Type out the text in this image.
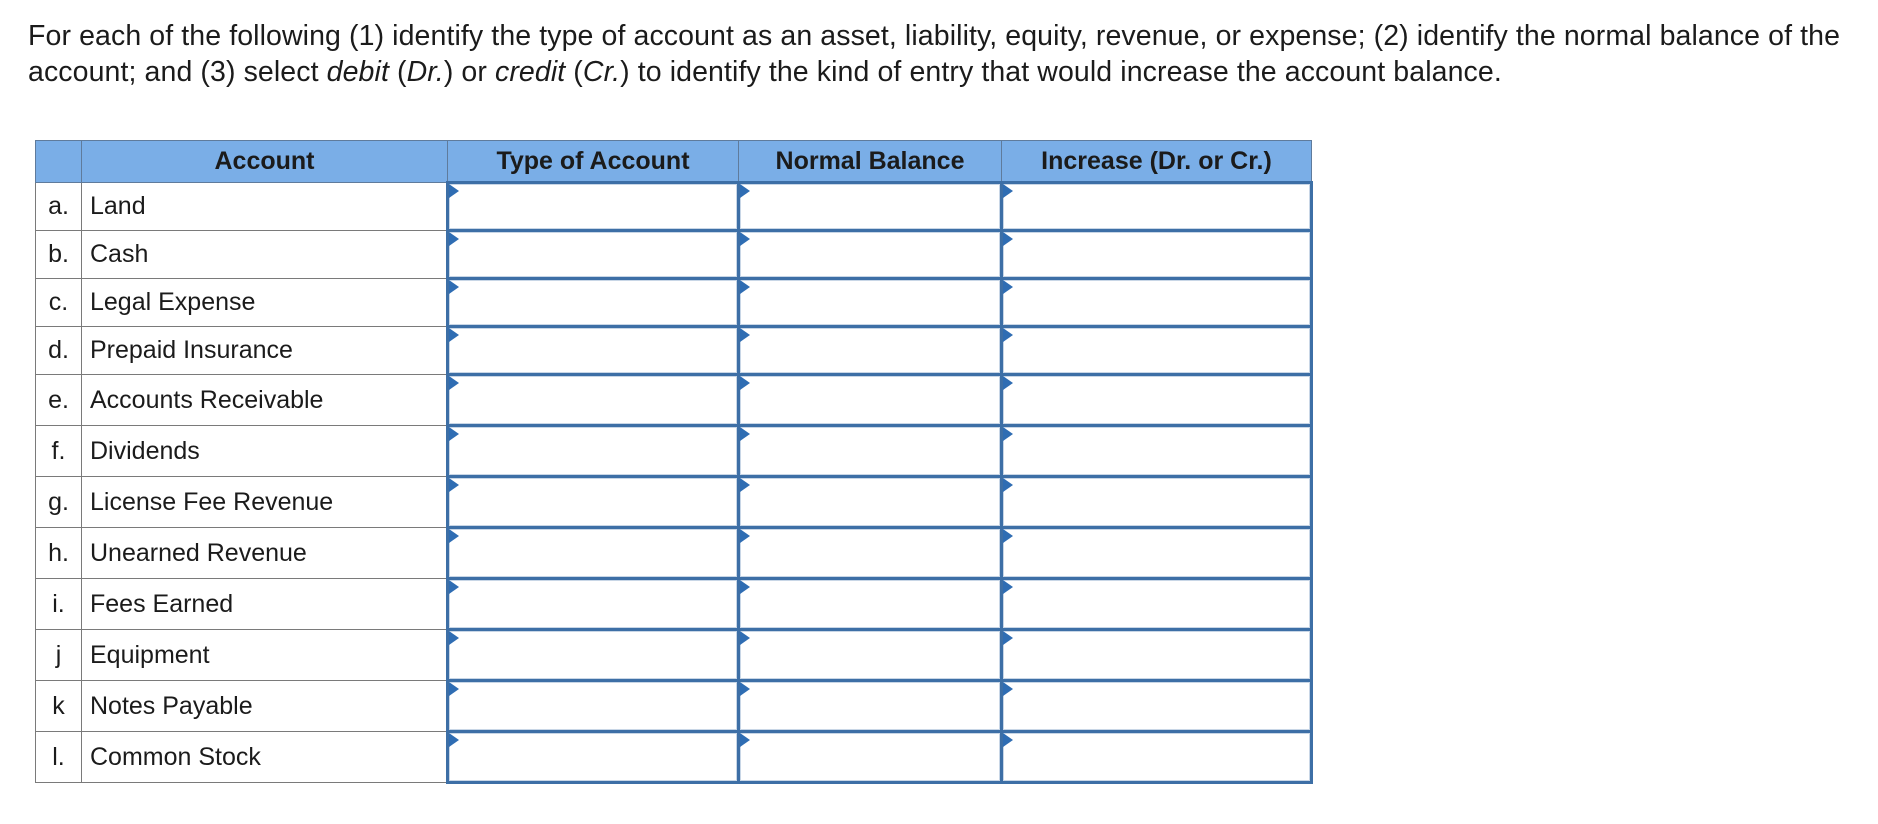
For each of the following (1) identify the type of account as an asset, liability, equity, revenue, or expense; (2) identify the normal balance of the account; and (3) select debit (Dr.) or credit (Cr.) to identify the kind of entry that would increase the account balance.

	Account	Type of Account	Normal Balance	Increase (Dr. or Cr.)
a.	Land	

b.	Cash	

c.	Legal Expense	

d.	Prepaid Insurance	

e.	Accounts Receivable	

f.	Dividends	

g.	License Fee Revenue	

h.	Unearned Revenue	

i.	Fees Earned	

j	Equipment	

k	Notes Payable	

l.	Common Stock	
